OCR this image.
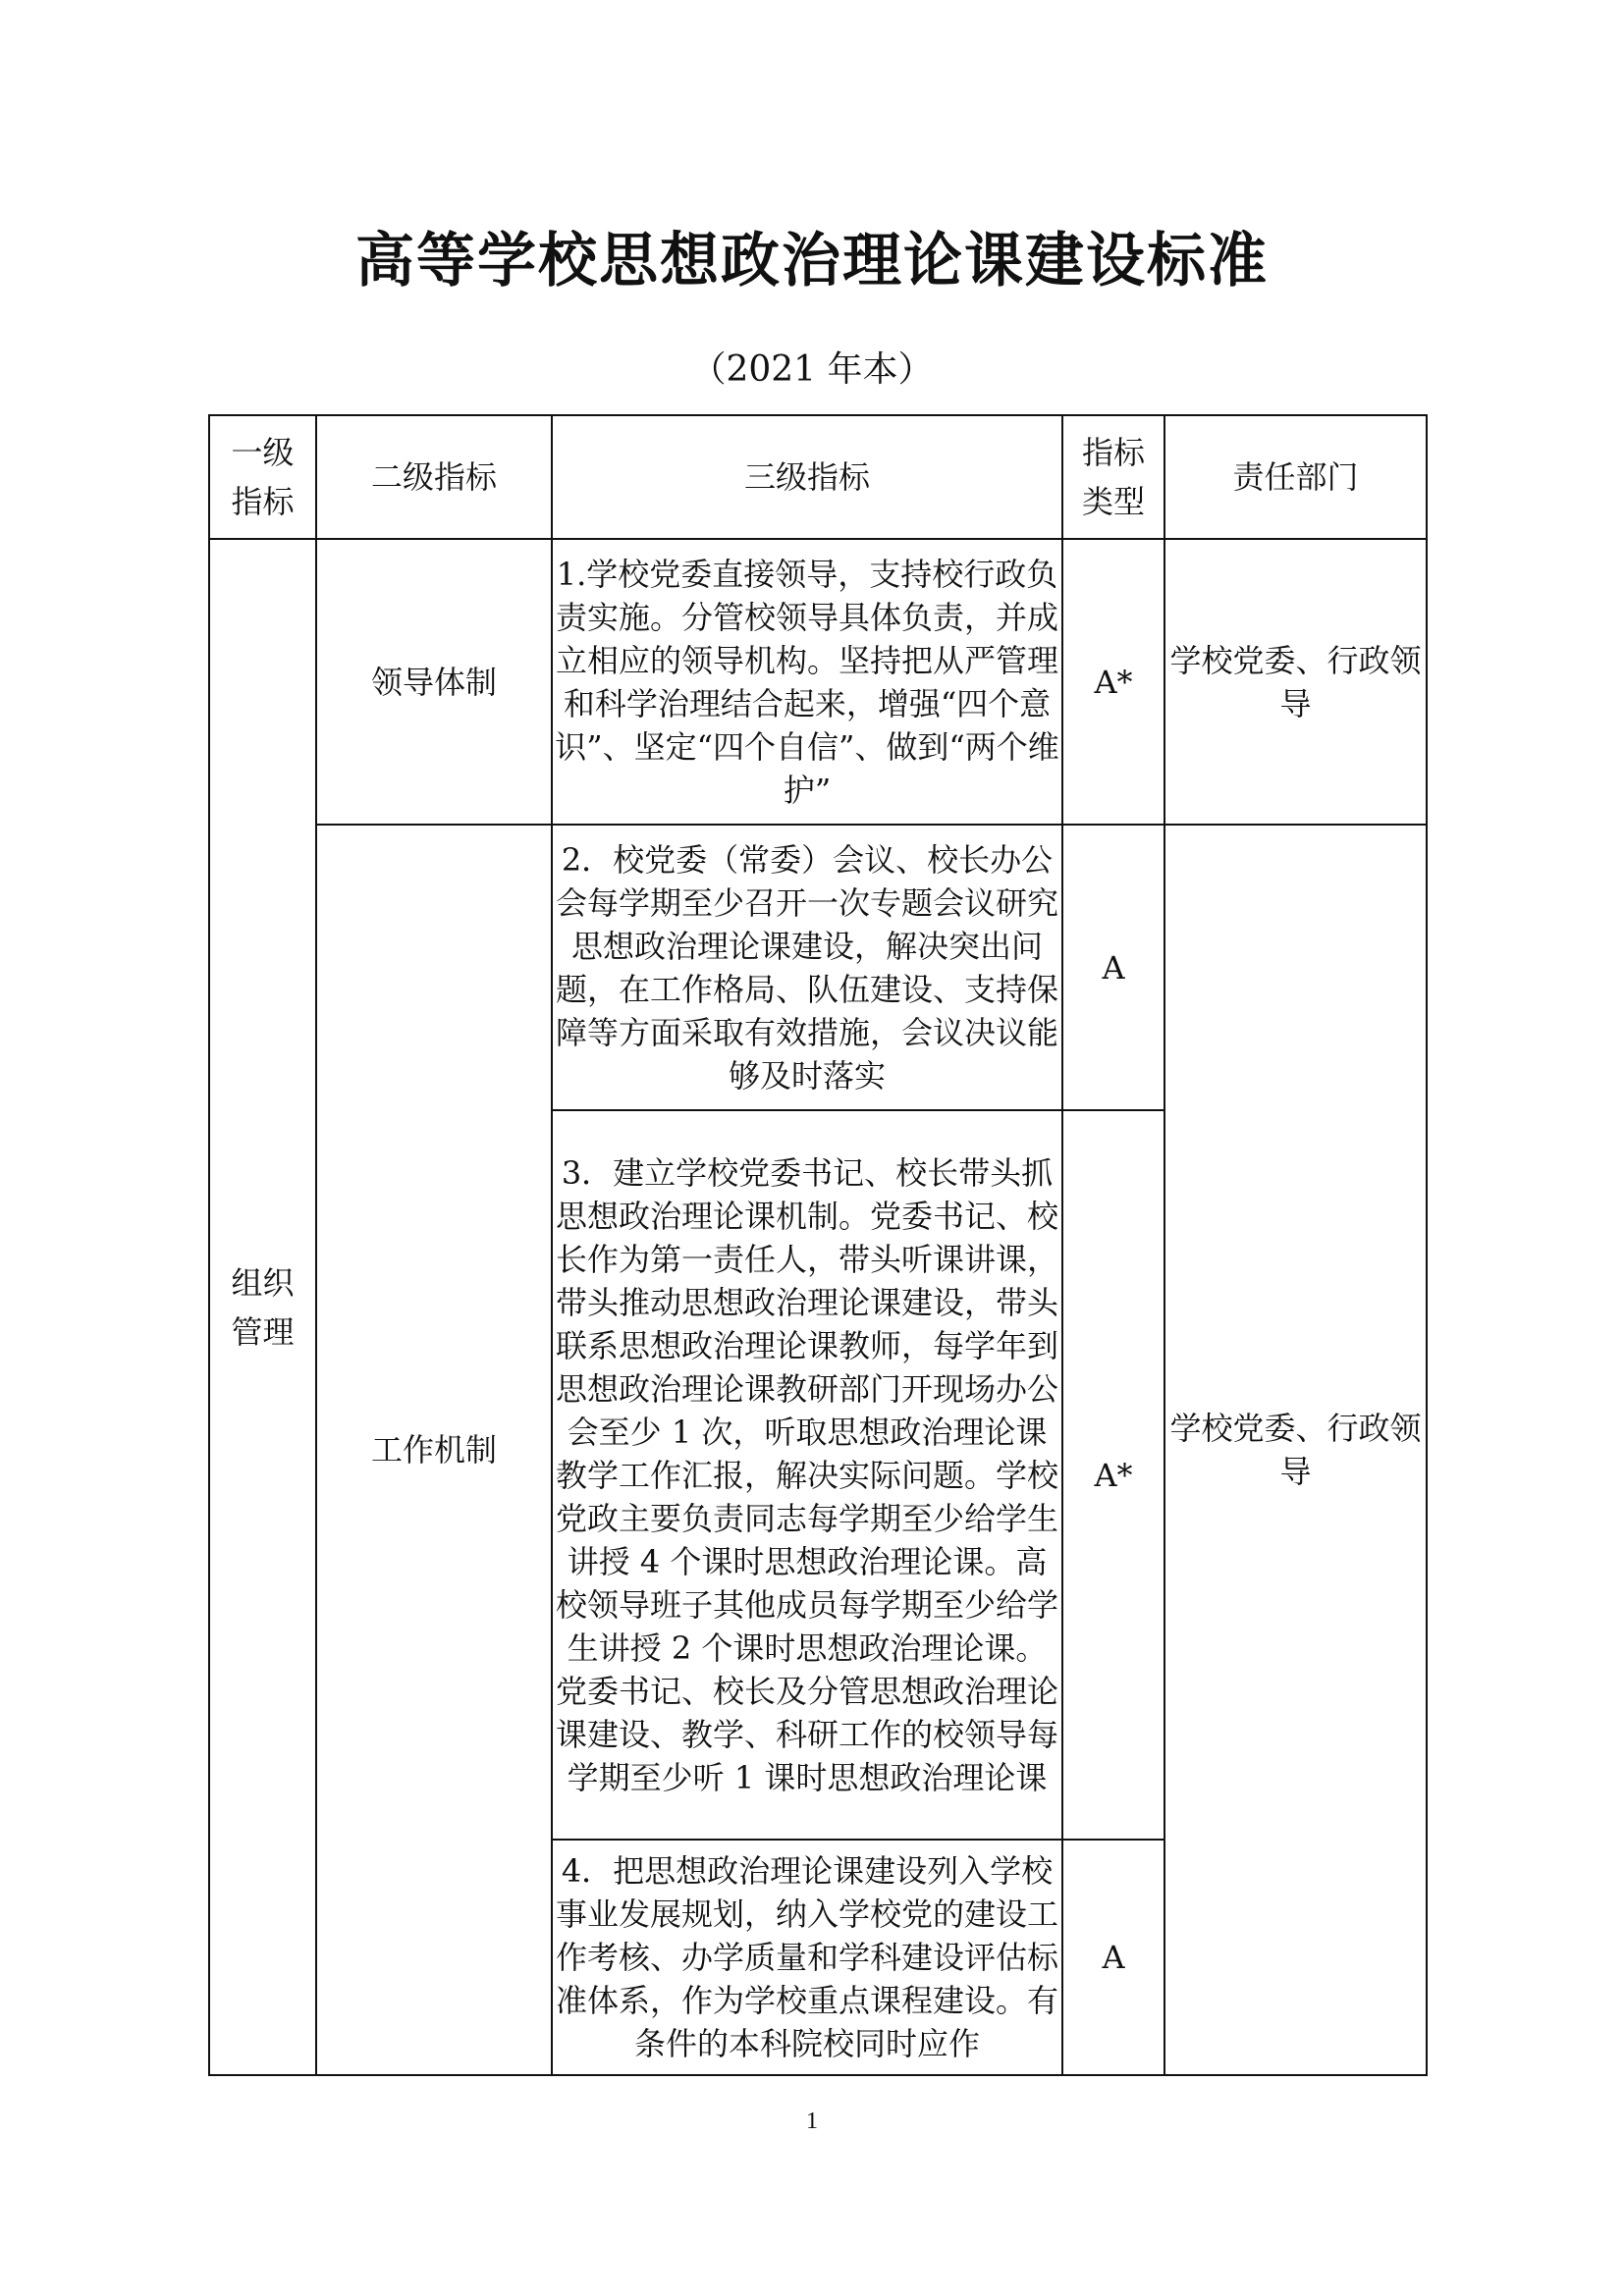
高等学校思想政治理论课建设标准
（2021 年本）
一级指标	二级指标	三级指标	指标类型	责任部门
组织管理	领导体制	1.学校党委直接领导，支持校行政负责实施。分管校领导具体负责，并成立相应的领导机构。坚持把从严管理和科学治理结合起来，增强“四个意识”、坚定“四个自信”、做到“两个维护”	A*	学校党委、行政领导
	工作机制	2．校党委（常委）会议、校长办公会每学期至少召开一次专题会议研究思想政治理论课建设，解决突出问题，在工作格局、队伍建设、支持保障等方面采取有效措施，会议决议能够及时落实	A	学校党委、行政领导
		3．建立学校党委书记、校长带头抓思想政治理论课机制。党委书记、校长作为第一责任人，带头听课讲课，带头推动思想政治理论课建设，带头联系思想政治理论课教师，每学年到思想政治理论课教研部门开现场办公会至少 1 次，听取思想政治理论课教学工作汇报，解决实际问题。学校党政主要负责同志每学期至少给学生讲授 4 个课时思想政治理论课。高校领导班子其他成员每学期至少给学生讲授 2 个课时思想政治理论课。党委书记、校长及分管思想政治理论课建设、教学、科研工作的校领导每学期至少听 1 课时思想政治理论课	A*	
		4．把思想政治理论课建设列入学校事业发展规划，纳入学校党的建设工作考核、办学质量和学科建设评估标准体系，作为学校重点课程建设。有条件的本科院校同时应作	A	
1
